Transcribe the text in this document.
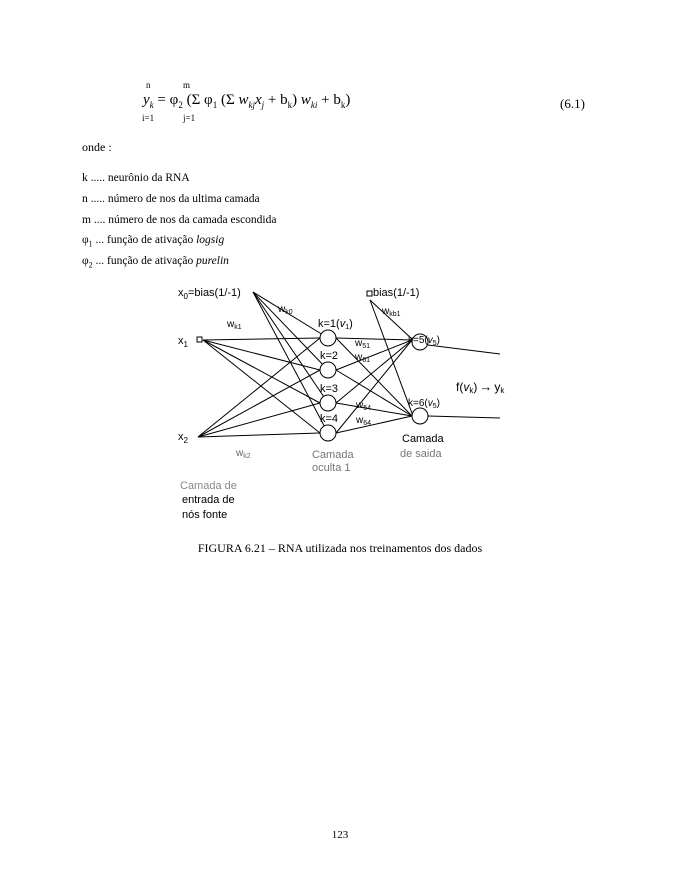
n	m
$y_k = \varphi_2$ (Σ $\varphi_1$ (Σ $w_{kj}x_j + b_k$) $w_{ki} + b_k$)
i=1	j=1
(6.1)
onde :
k ..... neurônio da RNA
n ..... número de nos da ultima camada
m .... número de nos da camada escondida
$\varphi_1$ ... função de ativação logsig
$\varphi_2$ ... função de ativação purelin
$x_0=bias(1/-1)$
$w_{k0}$
$w_{k1}$
$x_1$
$x_2$
$w_{k2}$
bias(1/-1)
$w_{kb1}$
k=1(v1)
k=2
k=3
k=4
$k=5(v_5)$
$k=6(v_5)$
$w_{51}$
$w_{61}$
$w_{54}$
$w_{64}$
f(vk) → yk
Camada
oculta 1
Camada
de saida
Camada de
entrada de
nós fonte
FIGURA 6.21 – RNA utilizada nos treinamentos dos dados
123
